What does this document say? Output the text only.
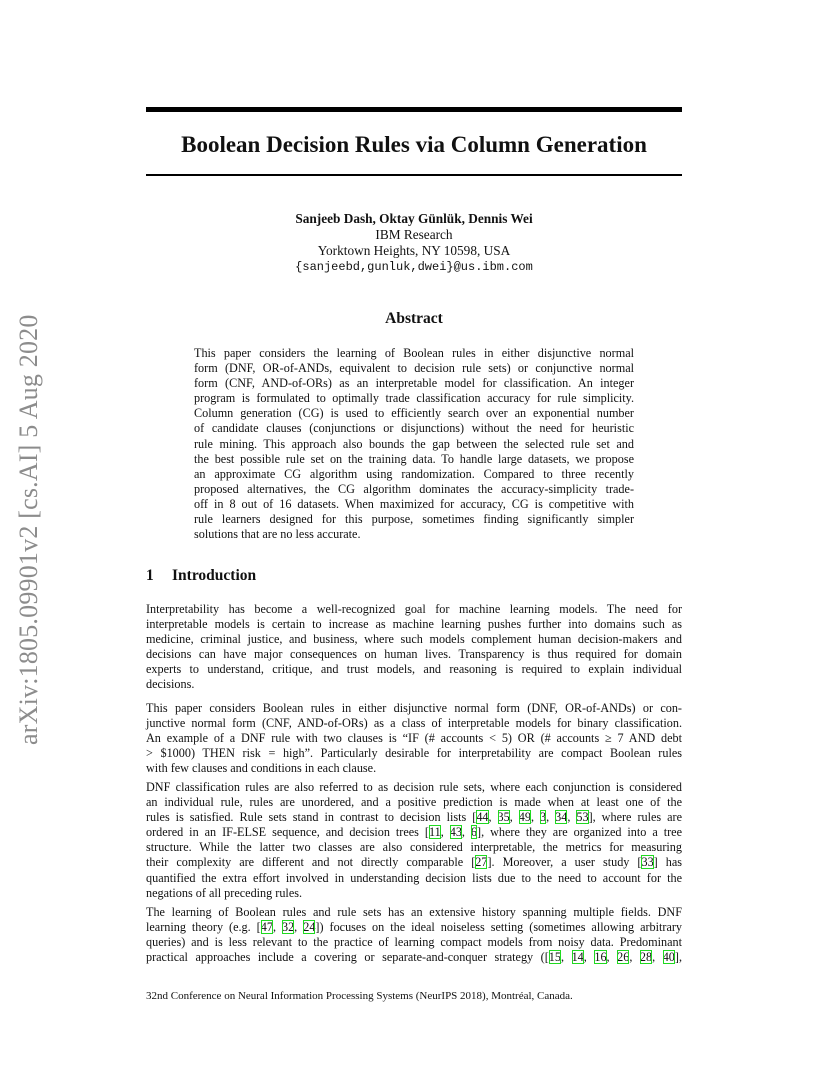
arXiv:1805.09901v2 [cs.AI] 5 Aug 2020
Boolean Decision Rules via Column Generation
Sanjeeb Dash, Oktay Günlük, Dennis Wei
IBM Research
Yorktown Heights, NY 10598, USA
{sanjeebd,gunluk,dwei}@us.ibm.com
Abstract
This paper considers the learning of Boolean rules in either disjunctive normal
form (DNF, OR-of-ANDs, equivalent to decision rule sets) or conjunctive normal
form (CNF, AND-of-ORs) as an interpretable model for classification. An integer
program is formulated to optimally trade classification accuracy for rule simplicity.
Column generation (CG) is used to efficiently search over an exponential number
of candidate clauses (conjunctions or disjunctions) without the need for heuristic
rule mining. This approach also bounds the gap between the selected rule set and
the best possible rule set on the training data. To handle large datasets, we propose
an approximate CG algorithm using randomization. Compared to three recently
proposed alternatives, the CG algorithm dominates the accuracy-simplicity trade-
off in 8 out of 16 datasets. When maximized for accuracy, CG is competitive with
rule learners designed for this purpose, sometimes finding significantly simpler
solutions that are no less accurate.
1 Introduction
Interpretability has become a well-recognized goal for machine learning models. The need for
interpretable models is certain to increase as machine learning pushes further into domains such as
medicine, criminal justice, and business, where such models complement human decision-makers and
decisions can have major consequences on human lives. Transparency is thus required for domain
experts to understand, critique, and trust models, and reasoning is required to explain individual
decisions.
This paper considers Boolean rules in either disjunctive normal form (DNF, OR-of-ANDs) or con-
junctive normal form (CNF, AND-of-ORs) as a class of interpretable models for binary classification.
An example of a DNF rule with two clauses is “IF (# accounts < 5) OR (# accounts ≥ 7 AND debt
> $1000) THEN risk = high”. Particularly desirable for interpretability are compact Boolean rules
with few clauses and conditions in each clause.
DNF classification rules are also referred to as decision rule sets, where each conjunction is considered
an individual rule, rules are unordered, and a positive prediction is made when at least one of the
rules is satisfied. Rule sets stand in contrast to decision lists [44, 35, 49, 3, 34, 53], where rules are
ordered in an IF-ELSE sequence, and decision trees [11, 43, 6], where they are organized into a tree
structure. While the latter two classes are also considered interpretable, the metrics for measuring
their complexity are different and not directly comparable [27]. Moreover, a user study [33] has
quantified the extra effort involved in understanding decision lists due to the need to account for the
negations of all preceding rules.
The learning of Boolean rules and rule sets has an extensive history spanning multiple fields. DNF
learning theory (e.g. [47, 32, 24]) focuses on the ideal noiseless setting (sometimes allowing arbitrary
queries) and is less relevant to the practice of learning compact models from noisy data. Predominant
practical approaches include a covering or separate-and-conquer strategy ([15, 14, 16, 26, 28, 40],
32nd Conference on Neural Information Processing Systems (NeurIPS 2018), Montréal, Canada.
